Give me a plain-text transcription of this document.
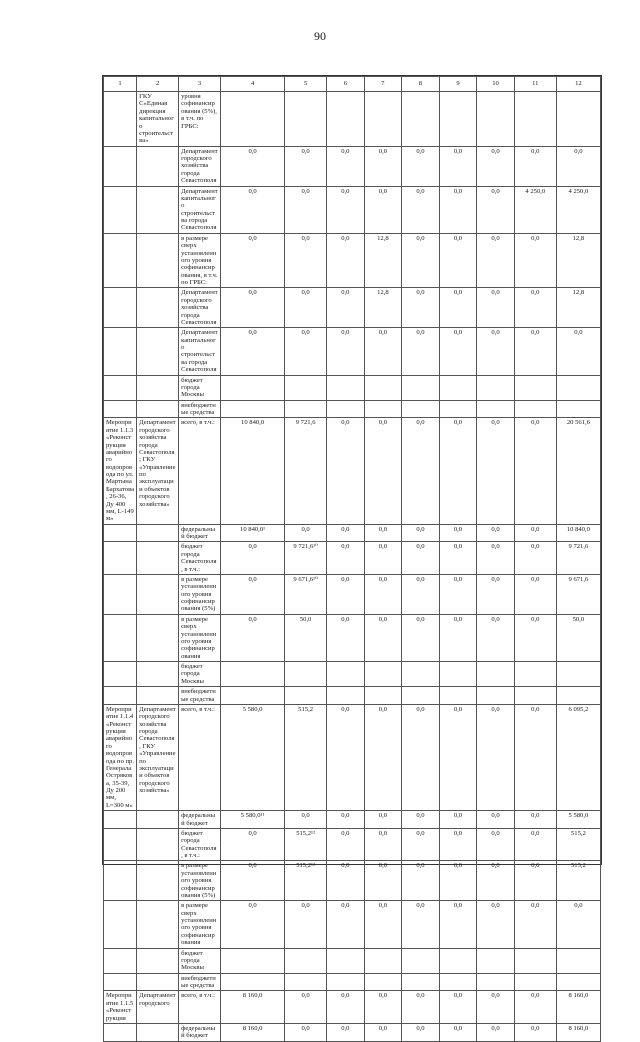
90
1	2	3	4	5	6	7	8	9	10	11	12
	ГКУ С«Единая дирекция капитального строительства»	уровня софинансирования (5%), в т.ч. по ГРБС:									
		Департамент городского хозяйства города Севастополя	0,0	0,0	0,0	0,0	0,0	0,0	0,0	0,0	0,0
		Департамент капитального строительства города Севастополя	0,0	0,0	0,0	0,0	0,0	0,0	0,0	4 250,0	4 250,0
		в размере сверх установленного уровня софинансирования, в т.ч. по ГРБС:	0,0	0,0	0,0	12,8	0,0	0,0	0,0	0,0	12,8
		Департамент городского хозяйства города Севастополя	0,0	0,0	0,0	12,8	0,0	0,0	0,0	0,0	12,8
		Департамент капитального строительства города Севастополя	0,0	0,0	0,0	0,0	0,0	0,0	0,0	0,0	0,0
		бюджет города Москвы									
		внебюджетные средства									
Мероприятие 1.1.3 «Реконструкция аварийного водопровода по ул. Мартына Бархатова, 26-36, Ду 400 мм, L-149 м»	Департамент городского хозяйства города Севастополя; ГКУ «Управление по эксплуатации объектов городского хозяйства»	всего, в т.ч.:	10 840,0	9 721,6	0,0	0,0	0,0	0,0	0,0	0,0	20 561,6
		федеральный бюджет	10 840,0¹	0,0	0,0	0,0	0,0	0,0	0,0	0,0	10 840,0
		бюджет города Севастополя, в т.ч.:	0,0	9 721,6¹⁰	0,0	0,0	0,0	0,0	0,0	0,0	9 721,6
		в размере установленного уровня софинансирования (5%)	0,0	9 671,6¹⁰	0,0	0,0	0,0	0,0	0,0	0,0	9 671,6
		в размере сверх установленного уровня софинансирования	0,0	50,0	0,0	0,0	0,0	0,0	0,0	0,0	50,0
		бюджет города Москвы									
		внебюджетные средства									
Мероприятие 1.1.4 «Реконструкция аварийного водопровода по пр. Генерала Острякова, 35-39, Ду 200 мм, L=300 м»	Департамент городского хозяйства города Севастополя, ГКУ «Управление по эксплуатации объектов городского хозяйства»	всего, в т.ч.:	5 580,0	515,2	0,0	0,0	0,0	0,0	0,0	0,0	6 095,2
		федеральный бюджет	5 580,0¹¹	0,0	0,0	0,0	0,0	0,0	0,0	0,0	5 580,0
		бюджет города Севастополя, в т.ч.:	0,0	515,2¹²	0,0	0,0	0,0	0,0	0,0	0,0	515,2
		в размере установленного уровня софинансирования (5%)	0,0	515,2¹²	0,0	0,0	0,0	0,0	0,0	0,0	515,2
		в размере сверх установленного уровня софинансирования	0,0	0,0	0,0	0,0	0,0	0,0	0,0	0,0	0,0
		бюджет города Москвы									
		внебюджетные средства									
Мероприятие 1.1.5 «Реконструкция	Департамент городского	всего, в т.ч.:	8 160,0	0,0	0,0	0,0	0,0	0,0	0,0	0,0	8 160,0
		федеральный бюджет	8 160,0	0,0	0,0	0,0	0,0	0,0	0,0	0,0	8 160,0
